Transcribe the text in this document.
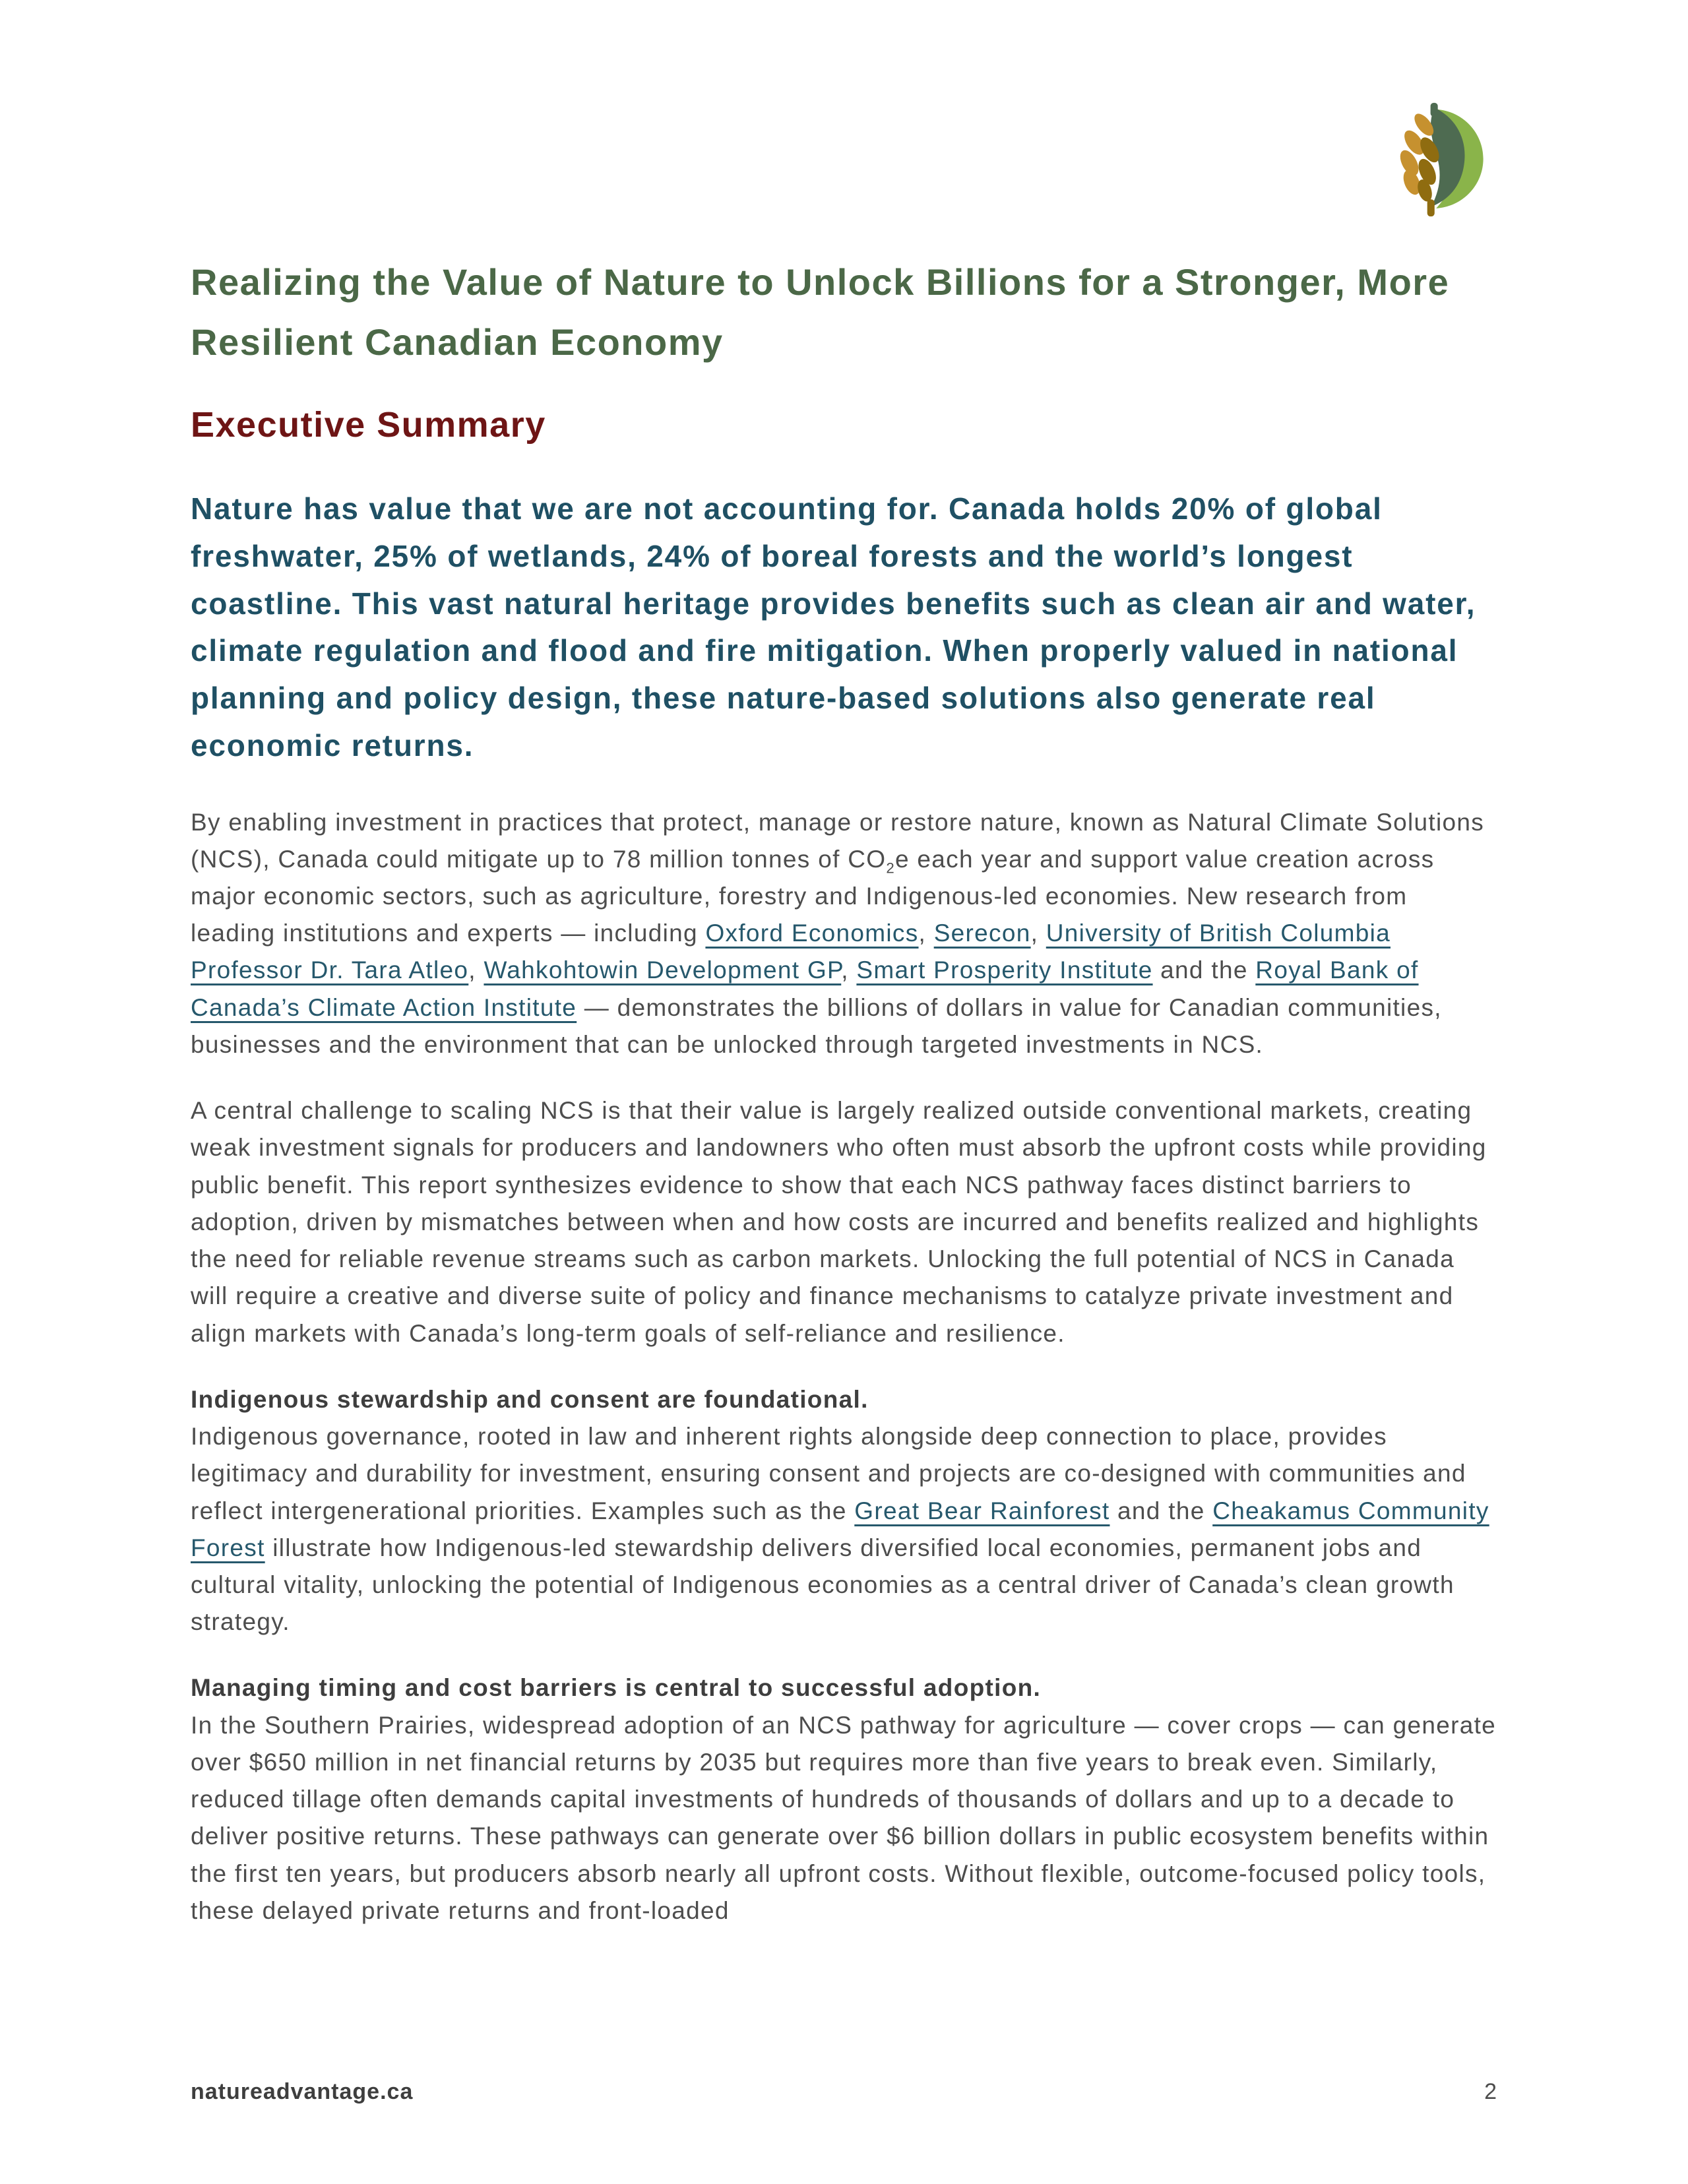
Realizing the Value of Nature to Unlock Billions for a Stronger, More Resilient Canadian Economy
Executive Summary

Nature has value that we are not accounting for. Canada holds 20% of global freshwater, 25% of wetlands, 24% of boreal forests and the world’s longest coastline. This vast natural heritage provides benefits such as clean air and water, climate regulation and flood and fire mitigation. When properly valued in national planning and policy design, these nature-based solutions also generate real economic returns.

By enabling investment in practices that protect, manage or restore nature, known as Natural Climate Solutions (NCS), Canada could mitigate up to 78 million tonnes of $CO_2e$ each year and support value creation across major economic sectors, such as agriculture, forestry and Indigenous-led economies. New research from leading institutions and experts — including Oxford Economics, Serecon, University of British Columbia Professor Dr. Tara Atleo, Wahkohtowin Development GP, Smart Prosperity Institute and the Royal Bank of Canada’s Climate Action Institute — demonstrates the billions of dollars in value for Canadian communities, businesses and the environment that can be unlocked through targeted investments in NCS.

A central challenge to scaling NCS is that their value is largely realized outside conventional markets, creating weak investment signals for producers and landowners who often must absorb the upfront costs while providing public benefit. This report synthesizes evidence to show that each NCS pathway faces distinct barriers to adoption, driven by mismatches between when and how costs are incurred and benefits realized and highlights the need for reliable revenue streams such as carbon markets. Unlocking the full potential of NCS in Canada will require a creative and diverse suite of policy and finance mechanisms to catalyze private investment and align markets with Canada’s long-term goals of self-reliance and resilience.

Indigenous stewardship and consent are foundational.
Indigenous governance, rooted in law and inherent rights alongside deep connection to place, provides legitimacy and durability for investment, ensuring consent and projects are co-designed with communities and reflect intergenerational priorities. Examples such as the Great Bear Rainforest and the Cheakamus Community Forest illustrate how Indigenous-led stewardship delivers diversified local economies, permanent jobs and cultural vitality, unlocking the potential of Indigenous economies as a central driver of Canada’s clean growth strategy.

Managing timing and cost barriers is central to successful adoption.
In the Southern Prairies, widespread adoption of an NCS pathway for agriculture — cover crops — can generate over $650 million in net financial returns by 2035 but requires more than five years to break even. Similarly, reduced tillage often demands capital investments of hundreds of thousands of dollars and up to a decade to deliver positive returns. These pathways can generate over $6 billion dollars in public ecosystem benefits within the first ten years, but producers absorb nearly all upfront costs. Without flexible, outcome-focused policy tools, these delayed private returns and front-loaded

natureadvantage.ca	2
